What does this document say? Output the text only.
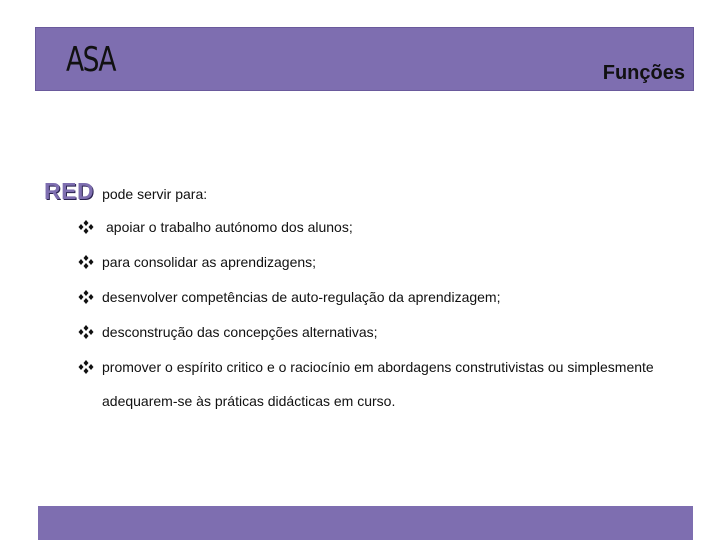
ASA	Funções
RED pode servir para:
apoiar o trabalho autónomo dos alunos;
para consolidar as aprendizagens;
desenvolver competências de auto-regulação da aprendizagem;
desconstrução das concepções alternativas;
promover o espírito critico e o raciocínio em abordagens construtivistas ou simplesmente adequarem-se às práticas didácticas em curso.
